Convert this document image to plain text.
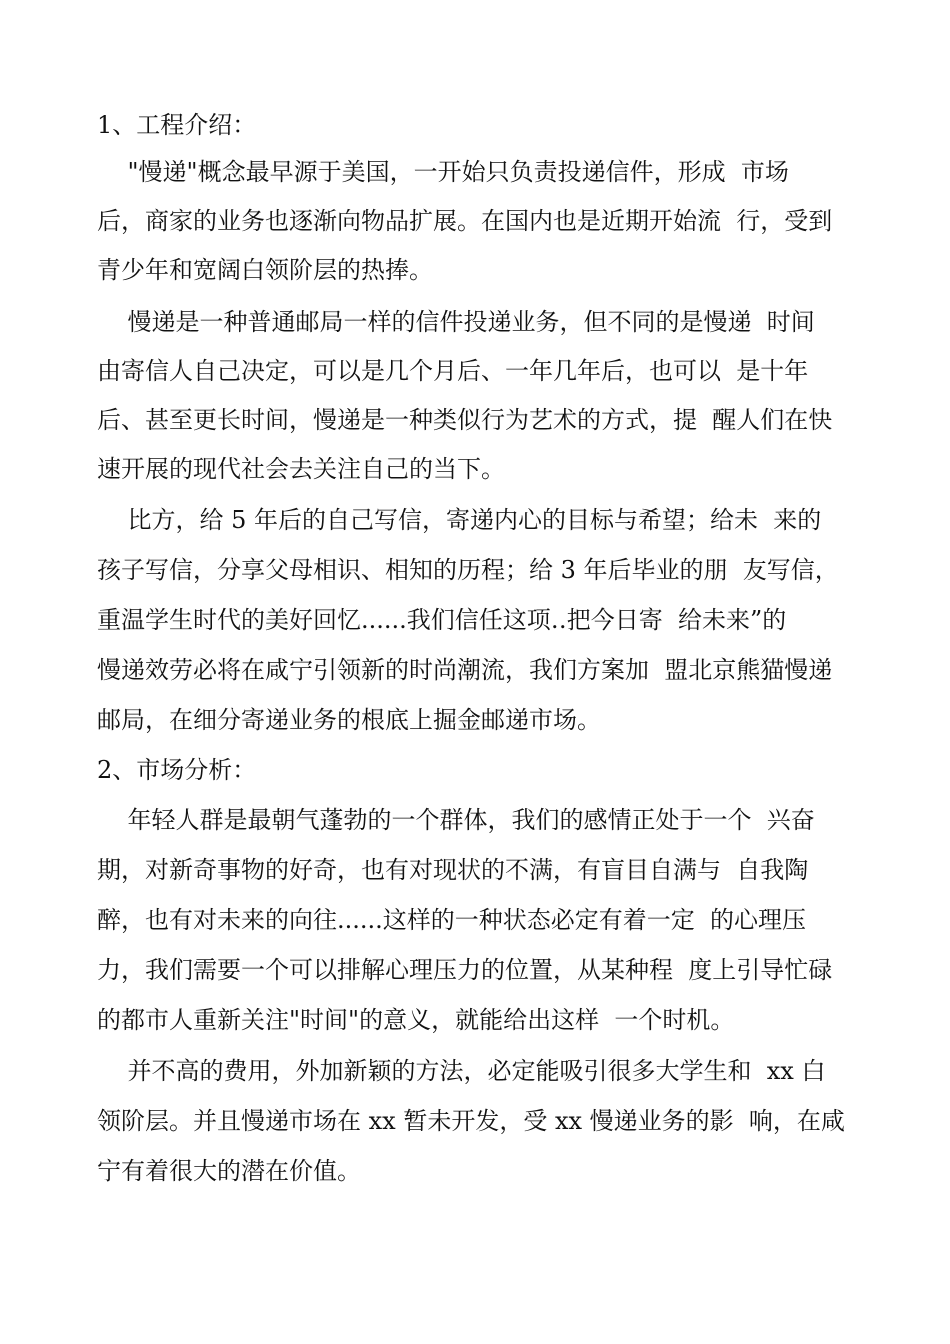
1、工程介绍：
"慢递"概念最早源于美国，一开始只负责投递信件，形成  市场
后，商家的业务也逐渐向物品扩展。在国内也是近期开始流  行，受到
青少年和宽阔白领阶层的热捧。
慢递是一种普通邮局一样的信件投递业务，但不同的是慢递  时间
由寄信人自己决定，可以是几个月后、一年几年后，也可以  是十年
后、甚至更长时间，慢递是一种类似行为艺术的方式，提  醒人们在快
速开展的现代社会去关注自己的当下。
比方，给 5 年后的自己写信，寄递内心的目标与希望；给未  来的
孩子写信，分享父母相识、相知的历程；给 3 年后毕业的朋  友写信，
重温学生时代的美好回忆......我们信任这项‥把今日寄  给未来”的
慢递效劳必将在咸宁引领新的时尚潮流，我们方案加  盟北京熊猫慢递
邮局，在细分寄递业务的根底上掘金邮递市场。
2、市场分析：
年轻人群是最朝气蓬勃的一个群体，我们的感情正处于一个  兴奋
期，对新奇事物的好奇，也有对现状的不满，有盲目自满与  自我陶
醉，也有对未来的向往......这样的一种状态必定有着一定  的心理压
力，我们需要一个可以排解心理压力的位置，从某种程  度上引导忙碌
的都市人重新关注"时间"的意义，就能给出这样  一个时机。
并不高的费用，外加新颖的方法，必定能吸引很多大学生和  xx 白
领阶层。并且慢递市场在 xx 暂未开发，受 xx 慢递业务的影  响，在咸
宁有着很大的潜在价值。
